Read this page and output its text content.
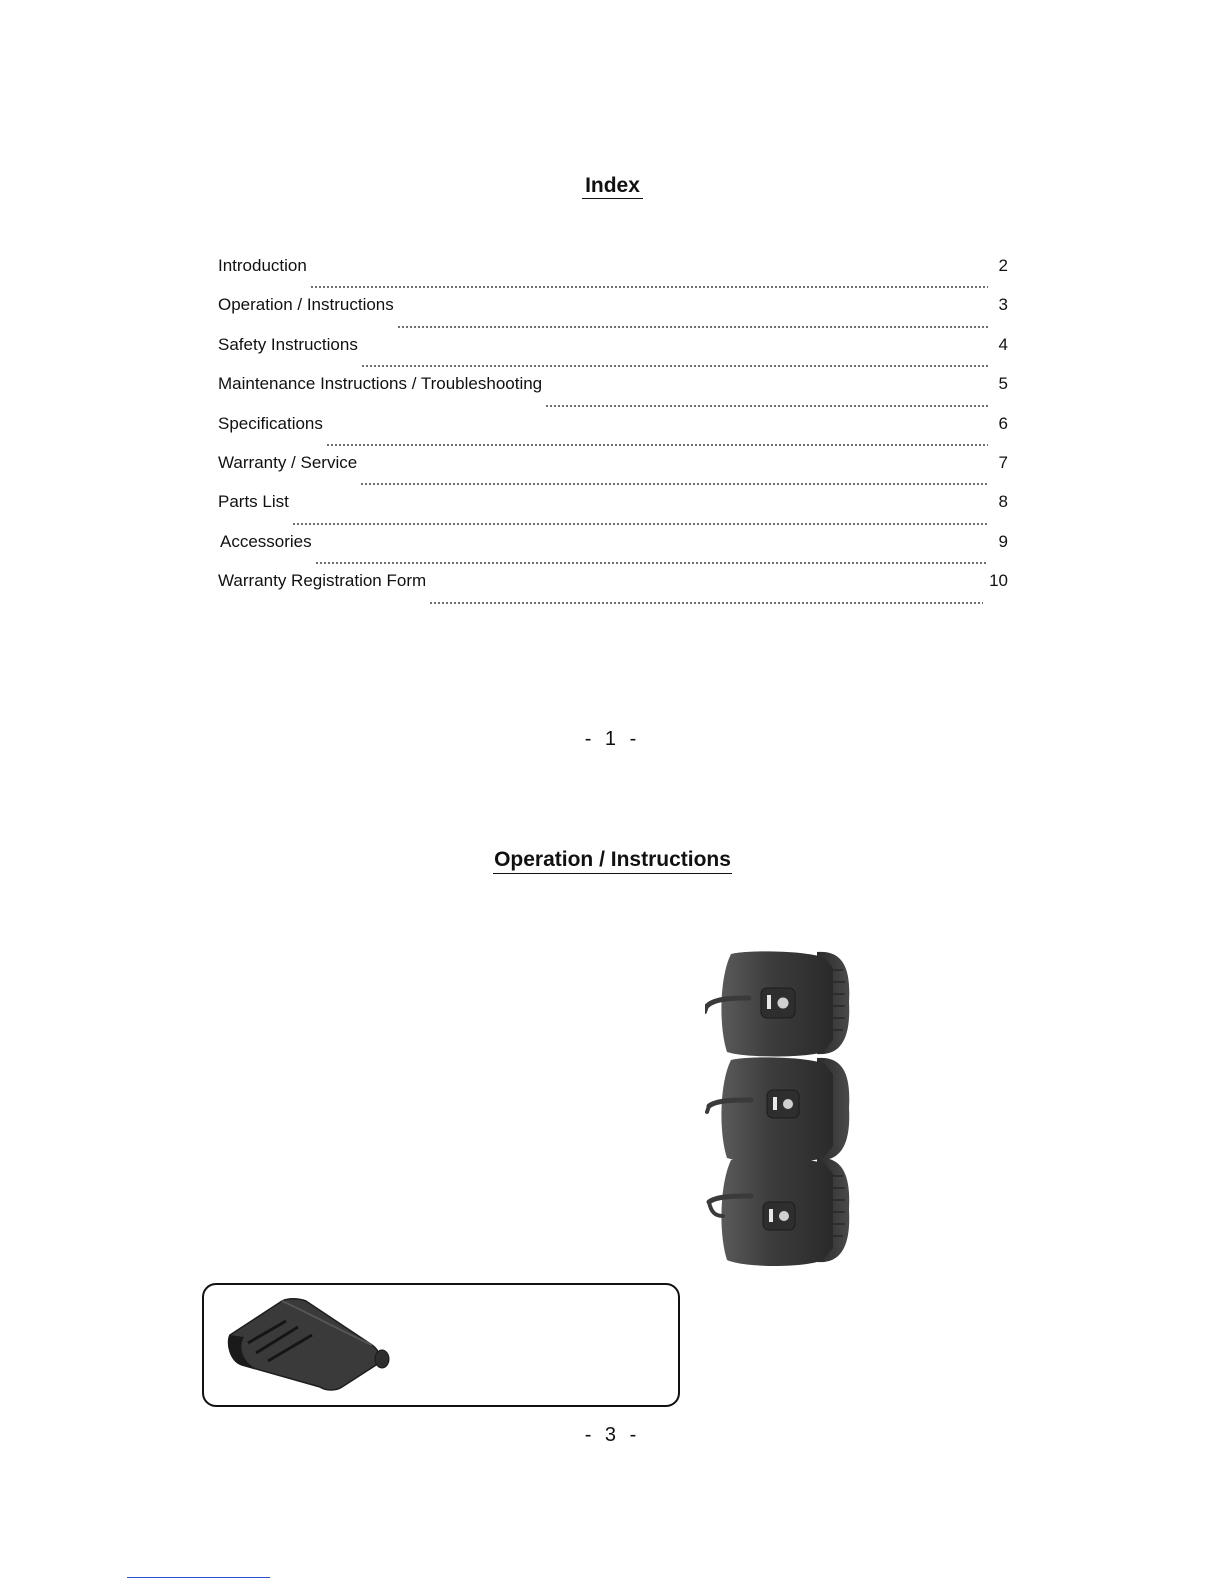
Index
Introduction	2
Operation / Instructions	3
Safety Instructions	4
Maintenance Instructions / Troubleshooting	5
Specifications	6
Warranty / Service	7
Parts List	8
Accessories	9
Warranty Registration Form	10
- 1 -
Operation / Instructions
- 3 -
